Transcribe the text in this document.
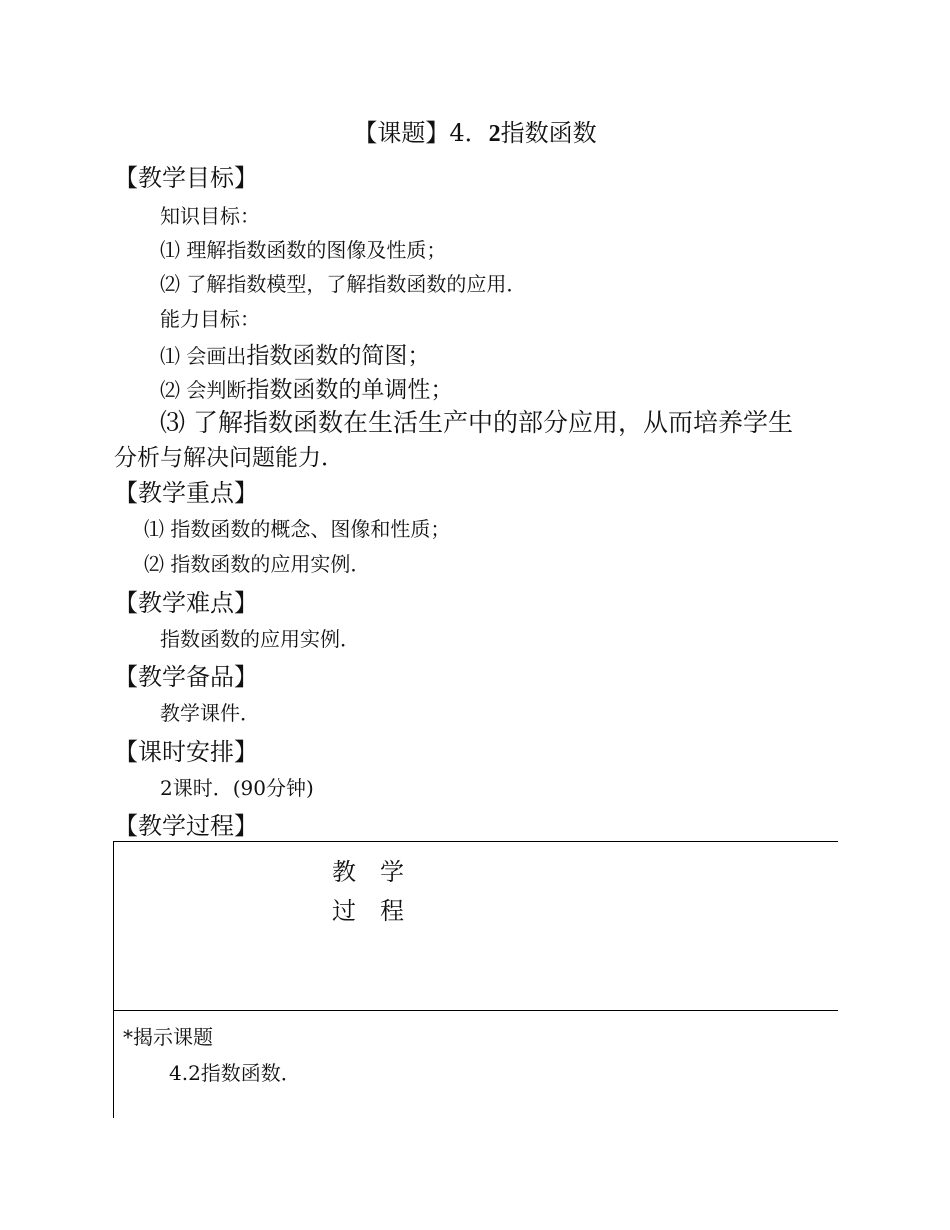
【课题】4．2指数函数
【教学目标】
知识目标：
⑴ 理解指数函数的图像及性质；
⑵ 了解指数模型，了解指数函数的应用．
能力目标：
⑴ 会画出指数函数的简图；
⑵ 会判断指数函数的单调性；
⑶ 了解指数函数在生活生产中的部分应用，从而培养学生
分析与解决问题能力．
【教学重点】
⑴ 指数函数的概念、图像和性质；
⑵ 指数函数的应用实例．
【教学难点】
指数函数的应用实例．
【教学备品】
教学课件．
【课时安排】
2课时．(90分钟)
【教学过程】
教　学
过　程
*揭示课题
4.2指数函数．
